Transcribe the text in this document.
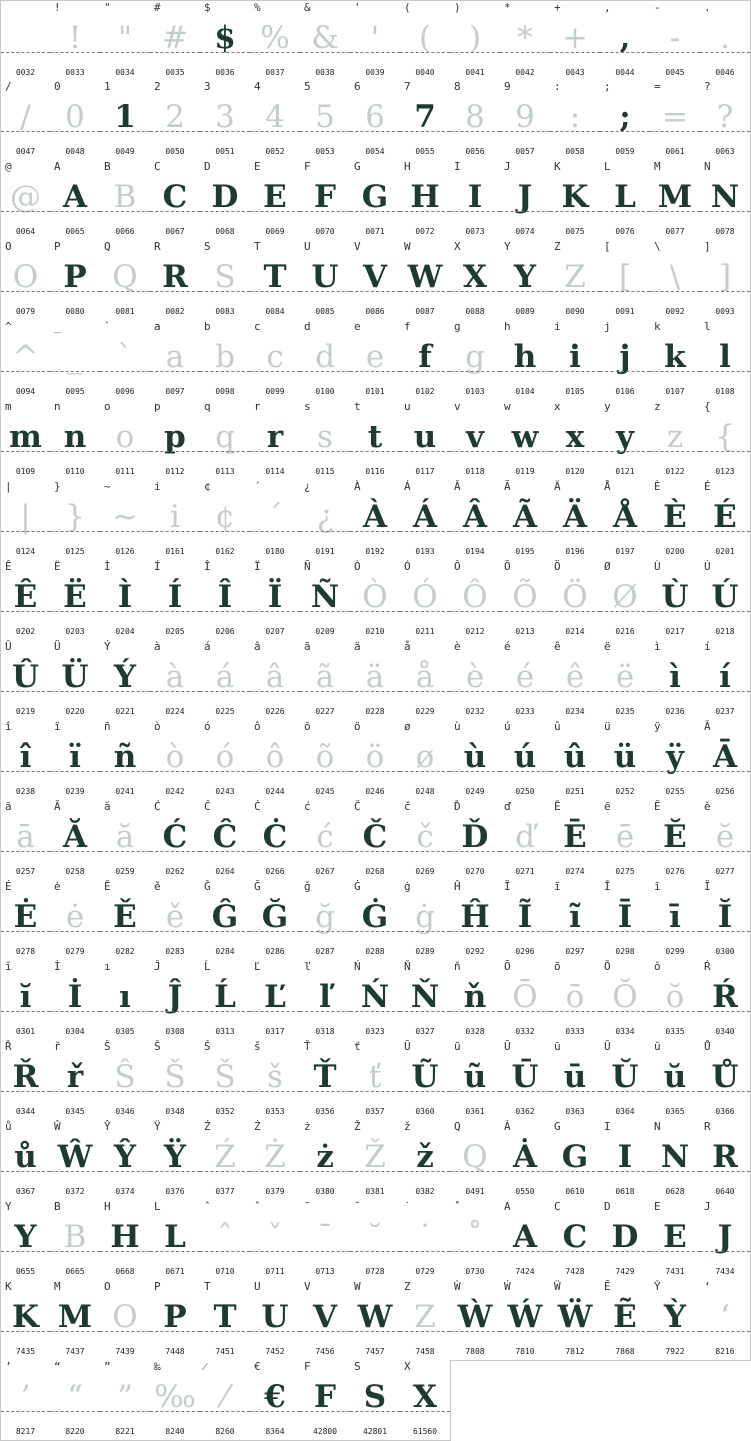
0032
!
!
0033
"
"
0034
#
#
0035
$
$
0036
%
%
0037
&
&
0038
'
'
0039
(
(
0040
)
)
0041
*
*
0042
+
+
0043
,
,
0044
-
-
0045
.
.
0046
/
/
0047
0
0
0048
1
1
0049
2
2
0050
3
3
0051
4
4
0052
5
5
0053
6
6
0054
7
7
0055
8
8
0056
9
9
0057
:
:
0058
;
;
0059
=
=
0061
?
?
0063
@
@
0064
A
A
0065
B
B
0066
C
C
0067
D
D
0068
E
E
0069
F
F
0070
G
G
0071
H
H
0072
I
I
0073
J
J
0074
K
K
0075
L
L
0076
M
M
0077
N
N
0078
O
O
0079
P
P
0080
Q
Q
0081
R
R
0082
S
S
0083
T
T
0084
U
U
0085
V
V
0086
W
W
0087
X
X
0088
Y
Y
0089
Z
Z
0090
[
[
0091
\
\
0092
]
]
0093
^
^
0094
_
_
0095
`
`
0096
a
a
0097
b
b
0098
c
c
0099
d
d
0100
e
e
0101
f
f
0102
g
g
0103
h
h
0104
i
i
0105
j
j
0106
k
k
0107
l
l
0108
m
m
0109
n
n
0110
o
o
0111
p
p
0112
q
q
0113
r
r
0114
s
s
0115
t
t
0116
u
u
0117
v
v
0118
w
w
0119
x
x
0120
y
y
0121
z
z
0122
{
{
0123
|
|
0124
}
}
0125
~
~
0126
i
i
0161
¢
¢
0162
´
´
0180
¿
¿
0191
À
À
0192
Á
Á
0193
Â
Â
0194
Ã
Ã
0195
Ä
Ä
0196
Å
Å
0197
È
È
0200
É
É
0201
Ê
Ê
0202
Ë
Ë
0203
Ì
Ì
0204
Í
Í
0205
Î
Î
0206
Ï
Ï
0207
Ñ
Ñ
0209
Ò
Ò
0210
Ó
Ó
0211
Ô
Ô
0212
Õ
Õ
0213
Ö
Ö
0214
Ø
Ø
0216
Ù
Ù
0217
Ú
Ú
0218
Û
Û
0219
Ü
Ü
0220
Ý
Ý
0221
à
à
0224
á
á
0225
â
â
0226
ã
ã
0227
ä
ä
0228
å
å
0229
è
è
0232
é
é
0233
ê
ê
0234
ë
ë
0235
ì
ì
0236
í
í
0237
î
î
0238
ï
ï
0239
ñ
ñ
0241
ò
ò
0242
ó
ó
0243
ô
ô
0244
õ
õ
0245
ö
ö
0246
ø
ø
0248
ù
ù
0249
ú
ú
0250
û
û
0251
ü
ü
0252
ÿ
ÿ
0255
Ā
Ā
0256
ā
ā
0257
Ă
Ă
0258
ă
ă
0259
Ć
Ć
0262
Ĉ
Ĉ
0264
Ċ
Ċ
0266
ć
ć
0267
Č
Č
0268
č
č
0269
Ď
Ď
0270
ď
ď
0271
Ē
Ē
0274
ē
ē
0275
Ĕ
Ĕ
0276
ĕ
ĕ
0277
Ė
Ė
0278
ė
ė
0279
Ě
Ě
0282
ě
ě
0283
Ĝ
Ĝ
0284
Ğ
Ğ
0286
ğ
ğ
0287
Ġ
Ġ
0288
ġ
ġ
0289
Ĥ
Ĥ
0292
Ĩ
Ĩ
0296
ĩ
ĩ
0297
Ī
Ī
0298
ī
ī
0299
Ĭ
Ĭ
0300
ĭ
ĭ
0301
İ
İ
0304
ı
ı
0305
Ĵ
Ĵ
0308
Ĺ
Ĺ
0313
Ľ
Ľ
0317
ľ
ľ
0318
Ń
Ń
0323
Ň
Ň
0327
ň
ň
0328
Ō
Ō
0332
ō
ō
0333
Ŏ
Ŏ
0334
ŏ
ŏ
0335
Ŕ
Ŕ
0340
Ř
Ř
0344
ř
ř
0345
Ŝ
Ŝ
0346
Š
Š
0348
Š
Š
0352
š
š
0353
Ť
Ť
0356
ť
ť
0357
Ũ
Ũ
0360
ũ
ũ
0361
Ū
Ū
0362
ū
ū
0363
Ŭ
Ŭ
0364
ŭ
ŭ
0365
Ů
Ů
0366
ů
ů
0367
Ŵ
Ŵ
0372
Ŷ
Ŷ
0374
Ÿ
Ÿ
0376
Ź
Ź
0377
Ż
Ż
0379
ż
ż
0380
Ž
Ž
0381
ž
ž
0382
Q
Q
0491
Ȧ
Ȧ
0550
G
G
0610
I
I
0618
N
N
0628
R
R
0640
Y
Y
0655
B
B
0665
H
H
0668
L
L
0671
ˆ
ˆ
0710
ˇ
ˇ
0711
ˉ
ˉ
0713
˘
˘
0728
˙
˙
0729
˚
˚
0730
A
A
7424
C
C
7428
D
D
7429
E
E
7431
J
J
7434
K
K
7435
M
M
7437
O
O
7439
P
P
7448
T
T
7451
U
U
7452
V
V
7456
W
W
7457
Z
Z
7458
Ẁ
Ẁ
7808
Ẃ
Ẃ
7810
Ẅ
Ẅ
7812
Ẽ
Ẽ
7868
Ỳ
Ỳ
7922
‘
‘
8216
’
’
8217
“
“
8220
”
”
8221
‰
‰
8240
⁄
⁄
8260
€
€
8364
F
F
42800
S
S
42801
X
X
61560
